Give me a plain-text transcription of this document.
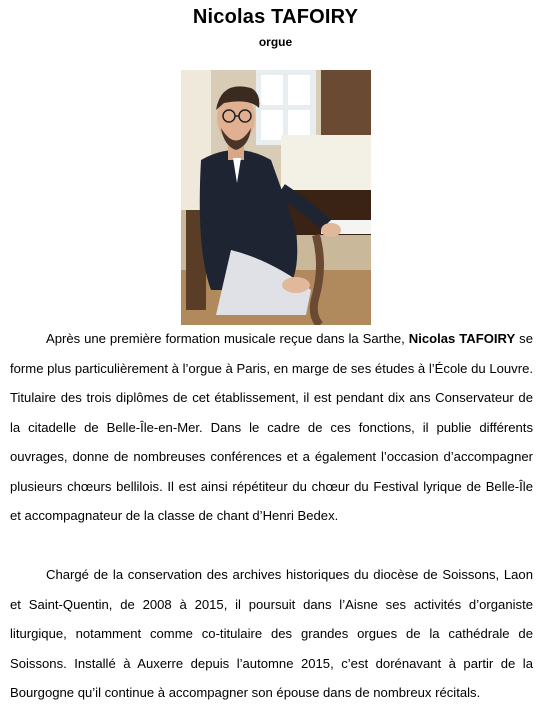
Nicolas TAFOIRY
orgue

Après une première formation musicale reçue dans la Sarthe, Nicolas TAFOIRY se forme plus particulièrement à l’orgue à Paris, en marge de ses études à l’École du Louvre. Titulaire des trois diplômes de cet établissement, il est pendant dix ans Conservateur de la citadelle de Belle-Île-en-Mer. Dans le cadre de ces fonctions, il publie différents ouvrages, donne de nombreuses conférences et a également l’occasion d’accompagner plusieurs chœurs bellilois. Il est ainsi répétiteur du chœur du Festival lyrique de Belle-Île et accompagnateur de la classe de chant d’Henri Bedex.

Chargé de la conservation des archives historiques du diocèse de Soissons, Laon et Saint-Quentin, de 2008 à 2015, il poursuit dans l’Aisne ses activités d’organiste liturgique, notamment comme co-titulaire des grandes orgues de la cathédrale de Soissons. Installé à Auxerre depuis l’automne 2015, c’est dorénavant à partir de la Bourgogne qu’il continue à accompagner son épouse dans de nombreux récitals.
